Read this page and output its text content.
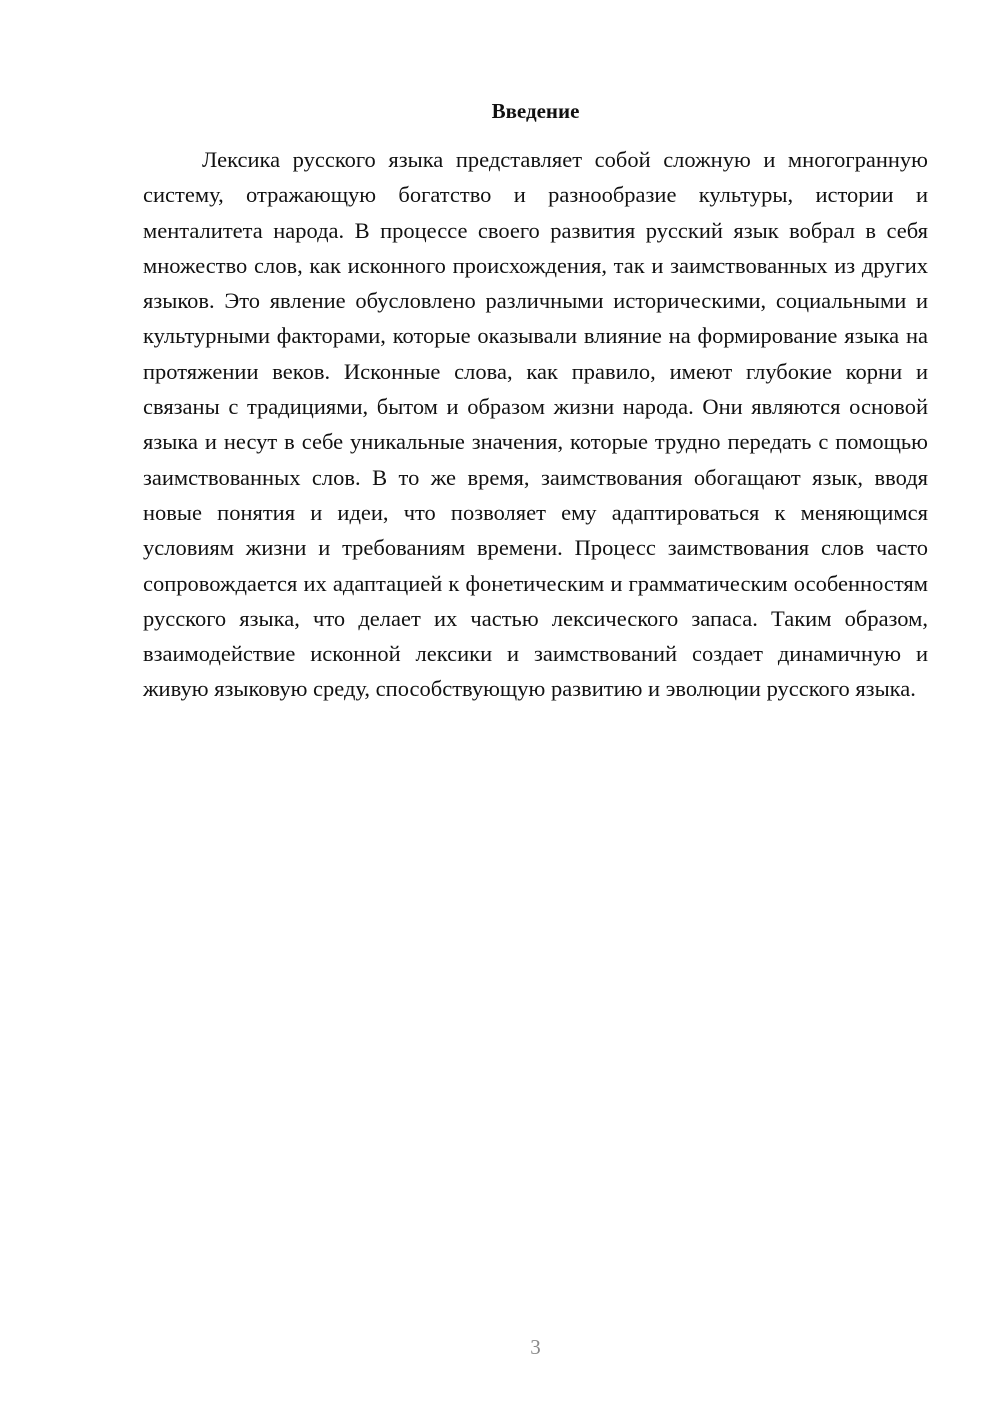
Введение

Лексика русского языка представляет собой сложную и многогранную систему, отражающую богатство и разнообразие культуры, истории и менталитета народа. В процессе своего развития русский язык вобрал в себя множество слов, как исконного происхождения, так и заимствованных из других языков. Это явление обусловлено различными историческими, социальными и культурными факторами, которые оказывали влияние на формирование языка на протяжении веков. Исконные слова, как правило, имеют глубокие корни и связаны с традициями, бытом и образом жизни народа. Они являются основой языка и несут в себе уникальные значения, которые трудно передать с помощью заимствованных слов. В то же время, заимствования обогащают язык, вводя новые понятия и идеи, что позволяет ему адаптироваться к меняющимся условиям жизни и требованиям времени. Процесс заимствования слов часто сопровождается их адаптацией к фонетическим и грамматическим особенностям русского языка, что делает их частью лексического запаса. Таким образом, взаимодействие исконной лексики и заимствований создает динамичную и живую языковую среду, способствующую развитию и эволюции русского языка.

3
